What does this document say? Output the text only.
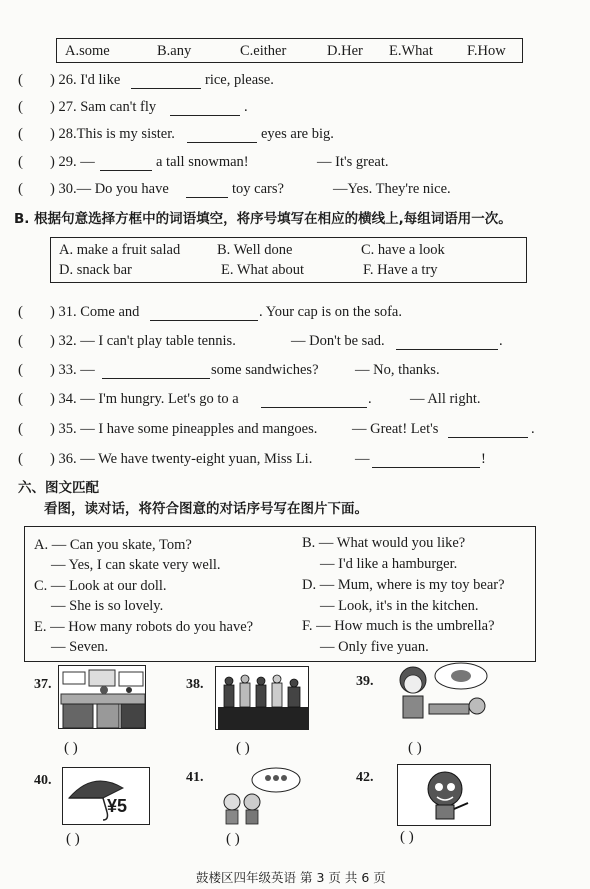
A.some	B.any	C.either	D.Her E.What F.How
( ) 26. I'd like	rice, please.
( ) 27. Sam can't fly	.
( ) 28.This is my sister.	eyes are big.
( ) 29. —	a tall snowman!	— It's great.
( ) 30.— Do you have	toy cars?	—Yes. They're nice.
B. 根据句意选择方框中的词语填空，将序号填写在相应的横线上,每组词语用一次。
A. make a fruit salad	B. Well done	C. have a look
D. snack bar	E. What about	F. Have a try
( ) 31. Come and	. Your cap is on the sofa.
( ) 32. — I can't play table tennis.	— Don't be sad.	.
( ) 33. —	some sandwiches?	— No, thanks.
( ) 34. — I'm hungry. Let's go to a	.	— All right.
( ) 35. — I have some pineapples and mangoes. — Great! Let's	.
( ) 36. — We have twenty-eight yuan, Miss Li.	—	!
六、图文匹配
看图，读对话，将符合图意的对话序号写在图片下面。
A. — Can you skate, Tom?
— Yes, I can skate very well.
C. — Look at our doll.
— She is so lovely.
E. — How many robots do you have?
— Seven.
B. — What would you like?
— I'd like a hamburger.
D. — Mum, where is my toy bear?
— Look, it's in the kitchen.
F. — How much is the umbrella?
— Only five yuan.
37.
( )
38.
( )
39.
( )
40.
¥5
( )
41.
( )
42.
( )
鼓楼区四年级英语 第 3 页 共 6 页
